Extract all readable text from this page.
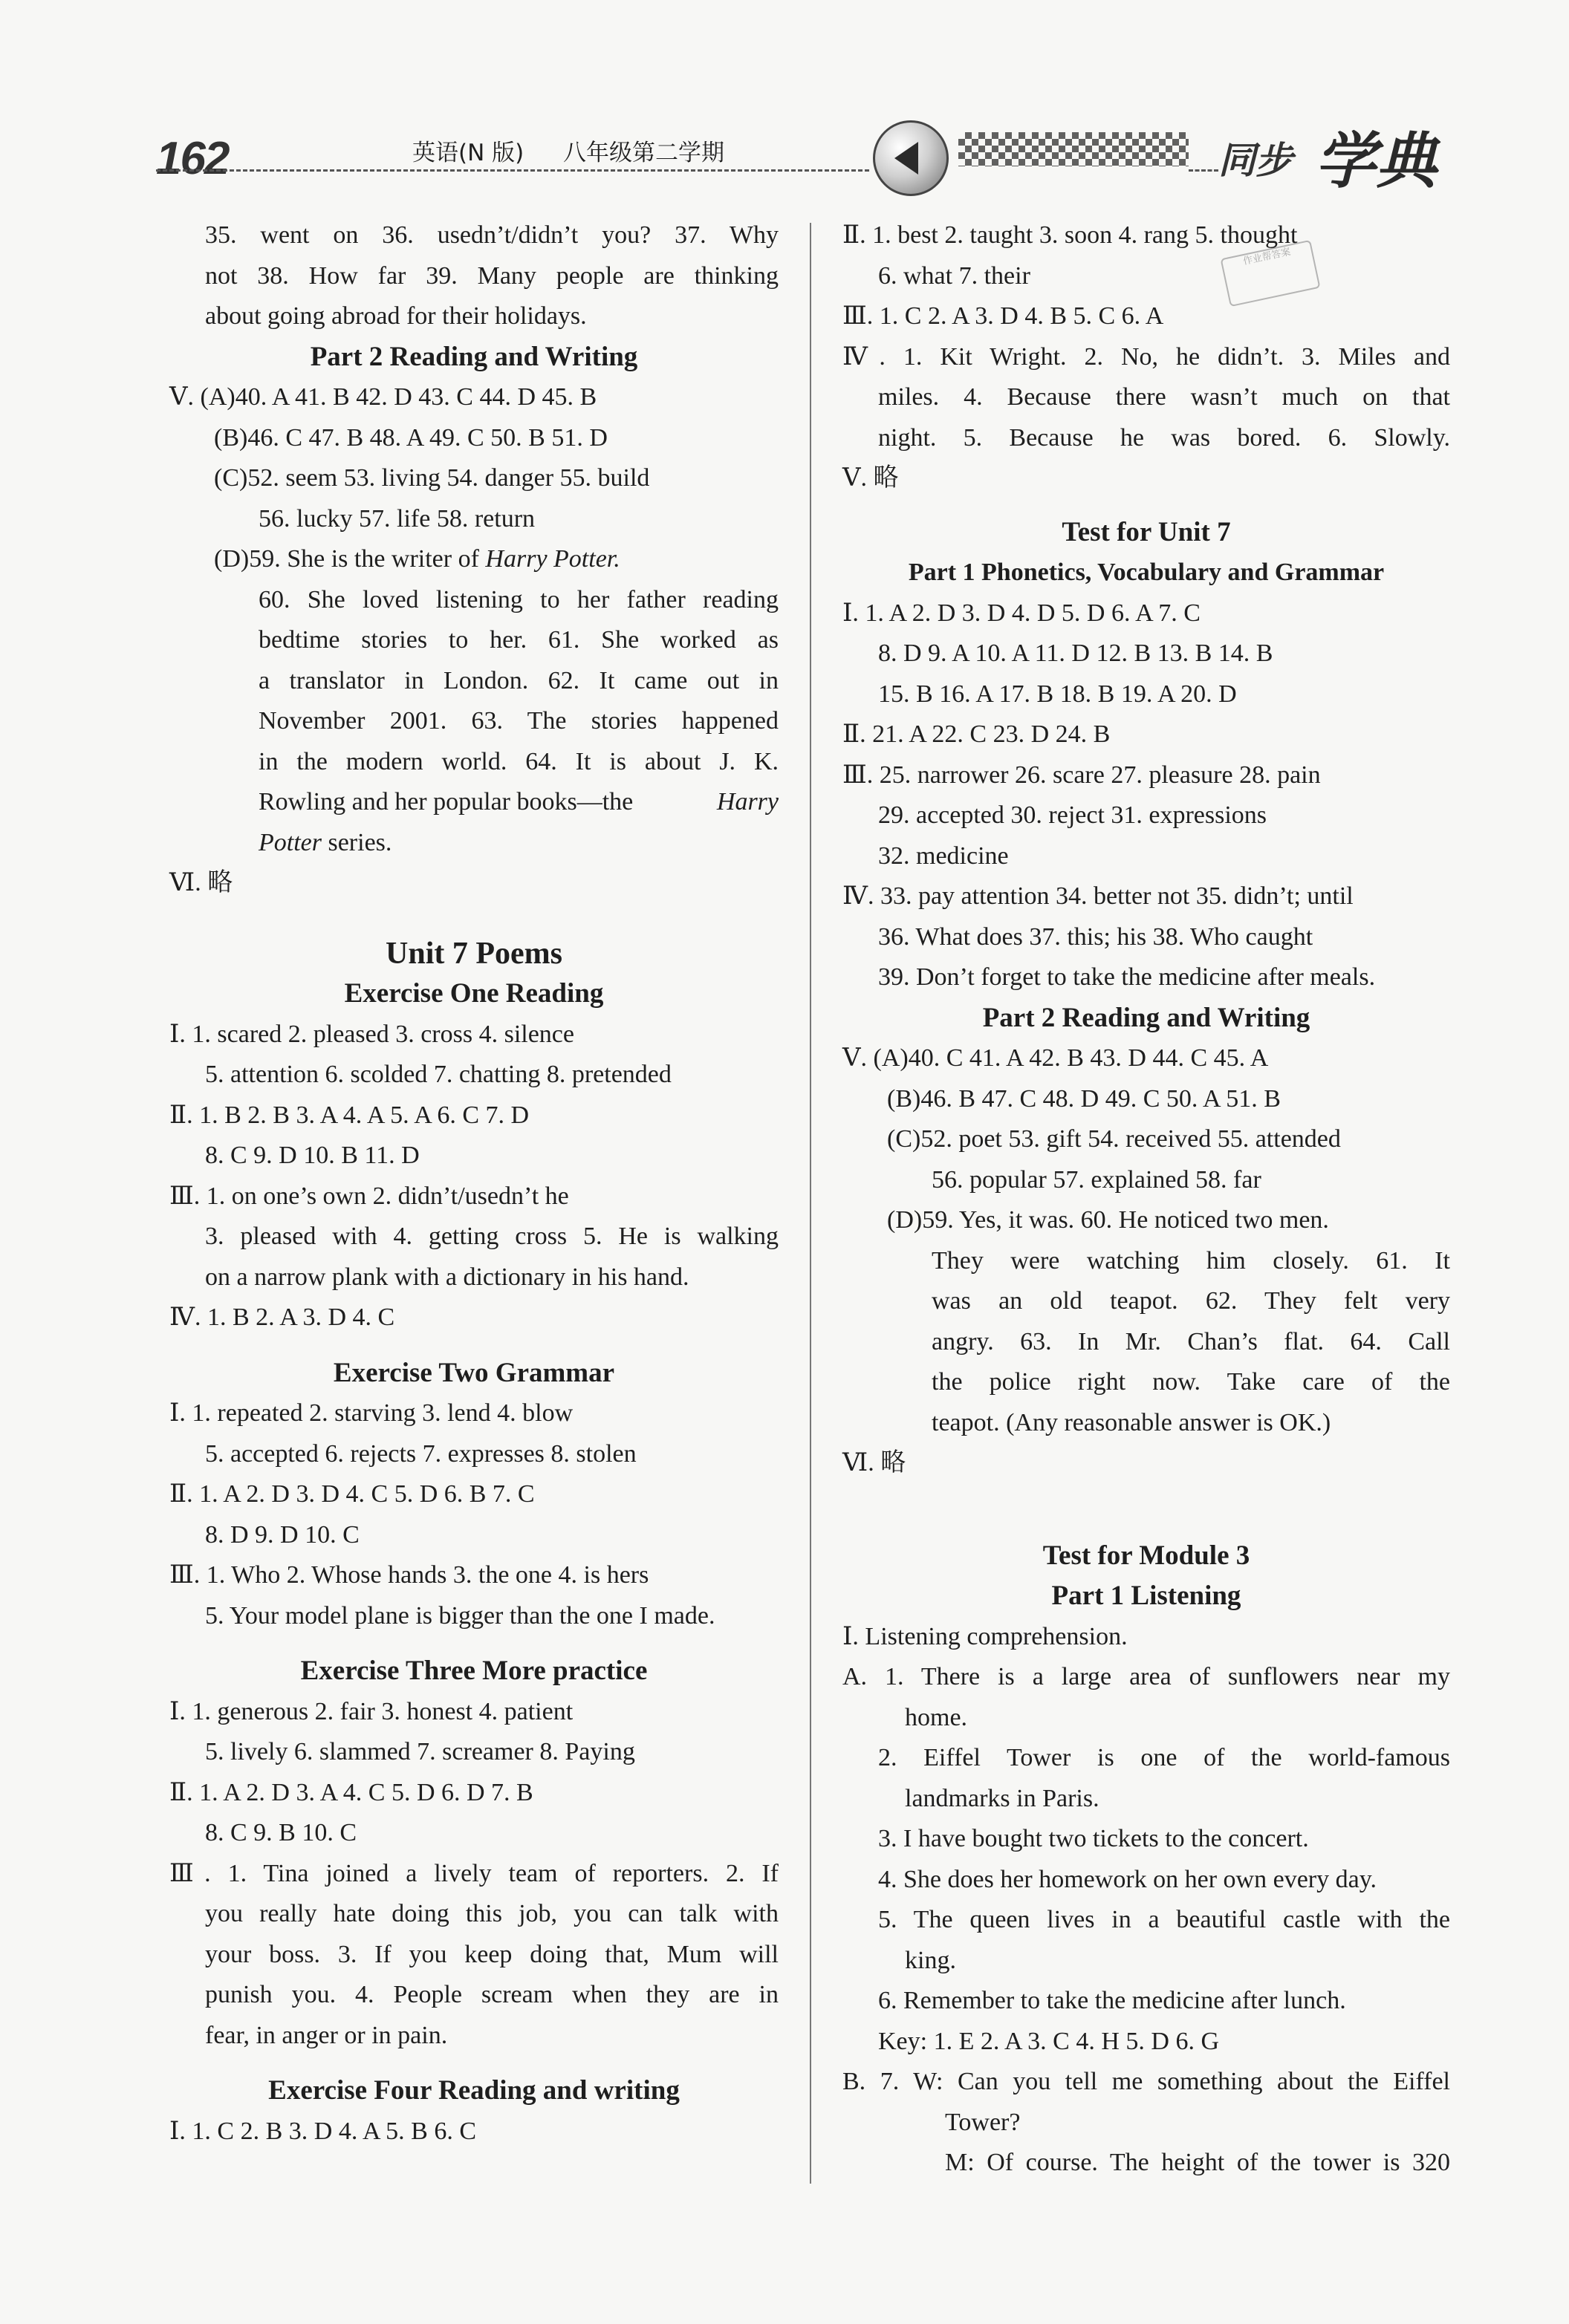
162	英语(N 版) 八年级第二学期	同步 学典
作业帮答案
35. went on 36. usedn’t/didn’t you? 37. Why
not 38. How far 39. Many people are thinking
about going abroad for their holidays.
Part 2 Reading and Writing
Ⅴ. (A)40. A 41. B 42. D 43. C 44. D 45. B
(B)46. C 47. B 48. A 49. C 50. B 51. D
(C)52. seem 53. living 54. danger 55. build
56. lucky 57. life 58. return
(D)59. She is the writer of Harry Potter.
60. She loved listening to her father reading
bedtime stories to her. 61. She worked as
a translator in London. 62. It came out in
November 2001. 63. The stories happened
in the modern world. 64. It is about J. K.
Rowling and her popular books—the	Harry
Potter series.
Ⅵ. 略
Unit 7 Poems
Exercise One Reading
Ⅰ. 1. scared 2. pleased 3. cross 4. silence
5. attention 6. scolded 7. chatting 8. pretended
Ⅱ. 1. B 2. B 3. A 4. A 5. A 6. C 7. D
8. C 9. D 10. B 11. D
Ⅲ. 1. on one’s own 2. didn’t/usedn’t he
3. pleased with 4. getting cross 5. He is walking
on a narrow plank with a dictionary in his hand.
Ⅳ. 1. B 2. A 3. D 4. C
Exercise Two Grammar
Ⅰ. 1. repeated 2. starving 3. lend 4. blow
5. accepted 6. rejects 7. expresses 8. stolen
Ⅱ. 1. A 2. D 3. D 4. C 5. D 6. B 7. C
8. D 9. D 10. C
Ⅲ. 1. Who 2. Whose hands 3. the one 4. is hers
5. Your model plane is bigger than the one I made.
Exercise Three More practice
Ⅰ. 1. generous 2. fair 3. honest 4. patient
5. lively 6. slammed 7. screamer 8. Paying
Ⅱ. 1. A 2. D 3. A 4. C 5. D 6. D 7. B
8. C 9. B 10. C
Ⅲ. 1. Tina joined a lively team of reporters. 2. If
you really hate doing this job, you can talk with
your boss. 3. If you keep doing that, Mum will
punish you. 4. People scream when they are in
fear, in anger or in pain.
Exercise Four Reading and writing
Ⅰ. 1. C 2. B 3. D 4. A 5. B 6. C
Ⅱ. 1. best 2. taught 3. soon 4. rang 5. thought
6. what 7. their
Ⅲ. 1. C 2. A 3. D 4. B 5. C 6. A
Ⅳ. 1. Kit Wright. 2. No, he didn’t. 3. Miles and
miles. 4. Because there wasn’t much on that
night. 5. Because he was bored. 6. Slowly.
Ⅴ. 略
Test for Unit 7
Part 1 Phonetics, Vocabulary and Grammar
Ⅰ. 1. A 2. D 3. D 4. D 5. D 6. A 7. C
8. D 9. A 10. A 11. D 12. B 13. B 14. B
15. B 16. A 17. B 18. B 19. A 20. D
Ⅱ. 21. A 22. C 23. D 24. B
Ⅲ. 25. narrower 26. scare 27. pleasure 28. pain
29. accepted 30. reject 31. expressions
32. medicine
Ⅳ. 33. pay attention 34. better not 35. didn’t; until
36. What does 37. this; his 38. Who caught
39. Don’t forget to take the medicine after meals.
Part 2 Reading and Writing
Ⅴ. (A)40. C 41. A 42. B 43. D 44. C 45. A
(B)46. B 47. C 48. D 49. C 50. A 51. B
(C)52. poet 53. gift 54. received 55. attended
56. popular 57. explained 58. far
(D)59. Yes, it was. 60. He noticed two men.
They were watching him closely. 61. It
was an old teapot. 62. They felt very
angry. 63. In Mr. Chan’s flat. 64. Call
the police right now. Take care of the
teapot. (Any reasonable answer is OK.)
Ⅵ. 略
Test for Module 3
Part 1 Listening
Ⅰ. Listening comprehension.
A. 1. There is a large area of sunflowers near my
home.
2. Eiffel Tower is one of the world-famous
landmarks in Paris.
3. I have bought two tickets to the concert.
4. She does her homework on her own every day.
5. The queen lives in a beautiful castle with the
king.
6. Remember to take the medicine after lunch.
Key: 1. E 2. A 3. C 4. H 5. D 6. G
B. 7. W: Can you tell me something about the Eiffel
Tower?
M: Of course. The height of the tower is 320
